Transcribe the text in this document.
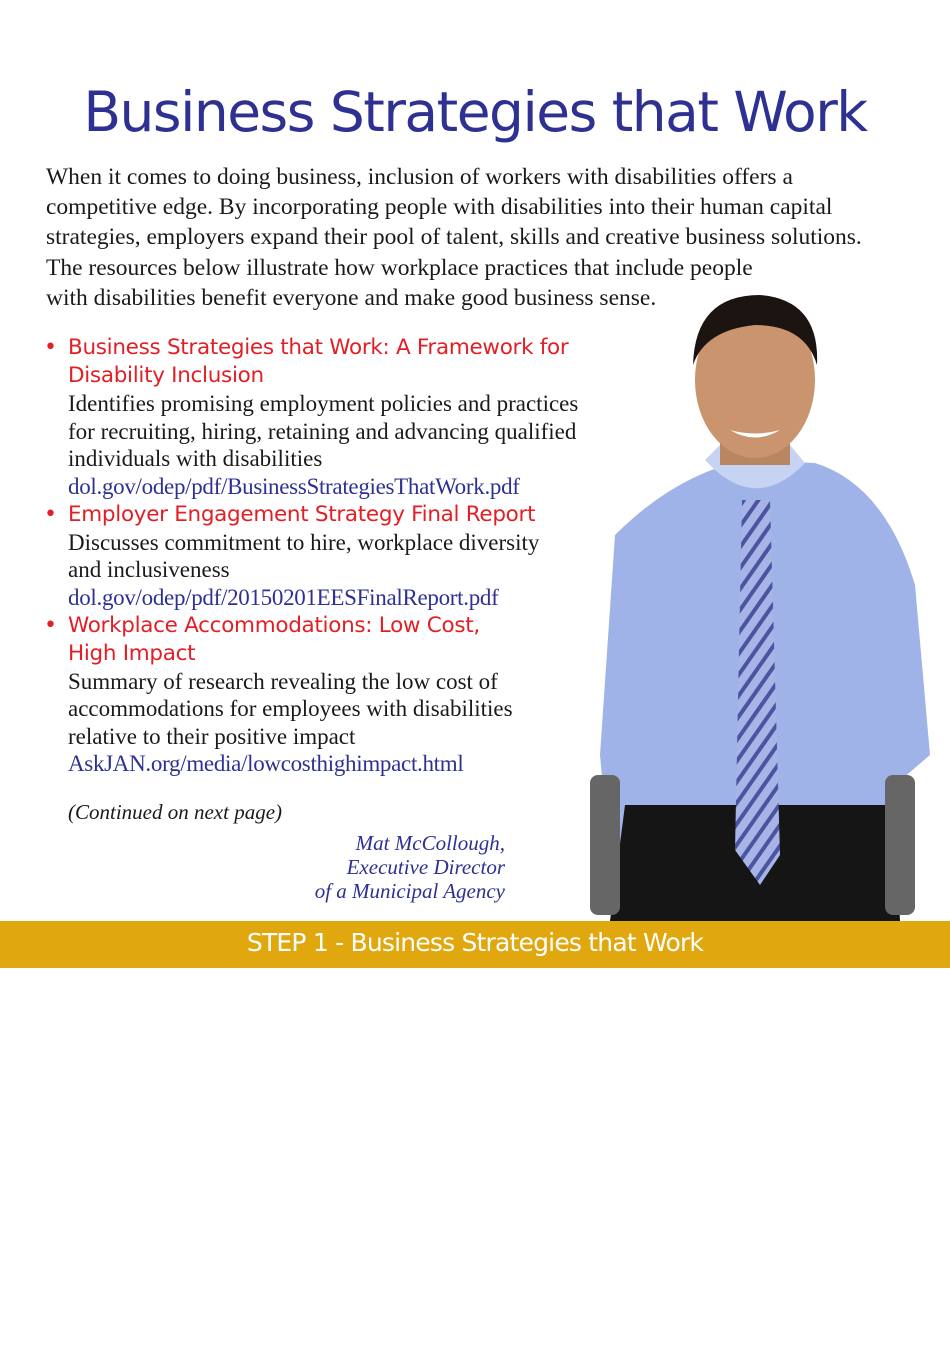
Business Strategies that Work
When it comes to doing business, inclusion of workers with disabilities offers a
competitive edge. By incorporating people with disabilities into their human capital
strategies, employers expand their pool of talent, skills and creative business solutions.
The resources below illustrate how workplace practices that include people
with disabilities benefit everyone and make good business sense.
• Business Strategies that Work: A Framework for
Disability Inclusion
Identifies promising employment policies and practices
for recruiting, hiring, retaining and advancing qualified
individuals with disabilities
dol.gov/odep/pdf/BusinessStrategiesThatWork.pdf
• Employer Engagement Strategy Final Report
Discusses commitment to hire, workplace diversity
and inclusiveness
dol.gov/odep/pdf/20150201EESFinalReport.pdf
• Workplace Accommodations: Low Cost,
High Impact
Summary of research revealing the low cost of
accommodations for employees with disabilities
relative to their positive impact
AskJAN.org/media/lowcosthighimpact.html
(Continued on next page)
Mat McCollough,
Executive Director
of a Municipal Agency
STEP 1 - Business Strategies that Work
